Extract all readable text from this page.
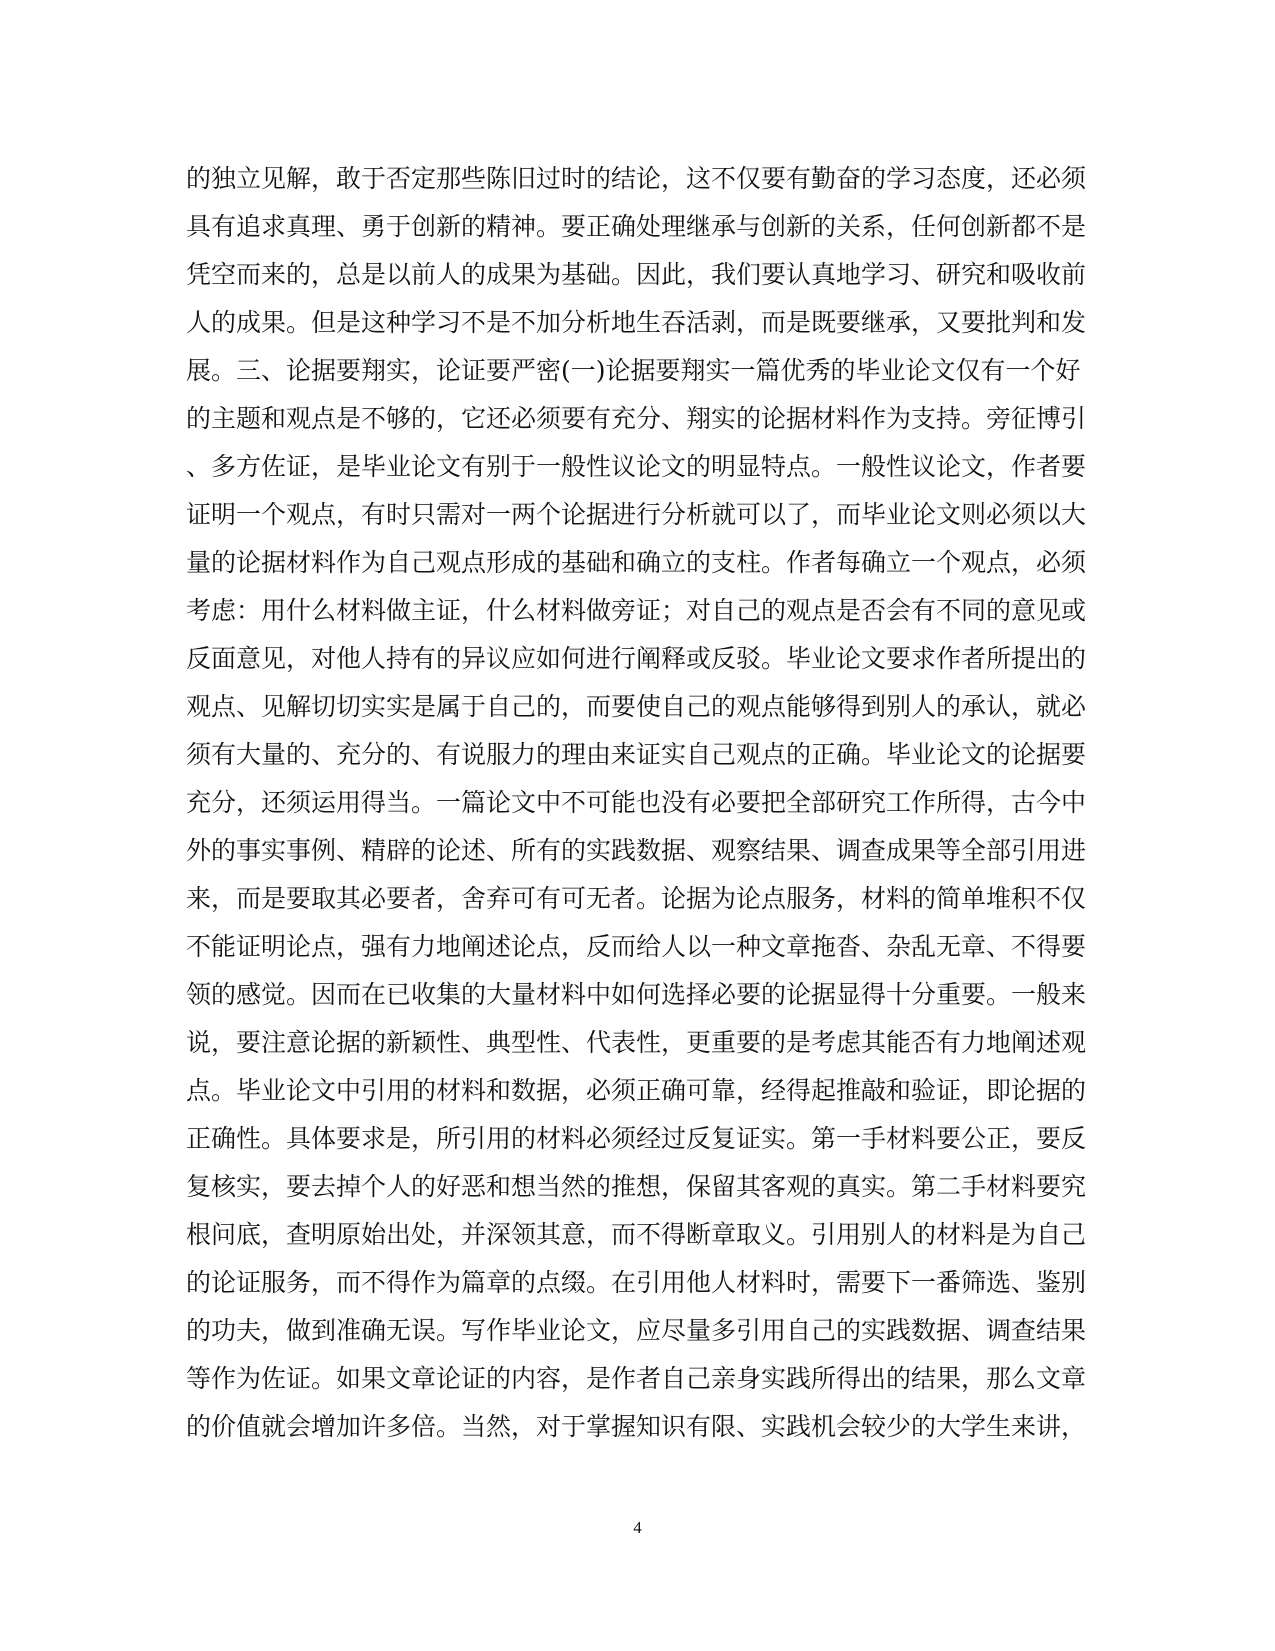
的独立见解，敢于否定那些陈旧过时的结论，这不仅要有勤奋的学习态度，还必须
具有追求真理、勇于创新的精神。要正确处理继承与创新的关系，任何创新都不是
凭空而来的，总是以前人的成果为基础。因此，我们要认真地学习、研究和吸收前
人的成果。但是这种学习不是不加分析地生吞活剥，而是既要继承，又要批判和发
展。三、论据要翔实，论证要严密(一)论据要翔实一篇优秀的毕业论文仅有一个好
的主题和观点是不够的，它还必须要有充分、翔实的论据材料作为支持。旁征博引
、多方佐证，是毕业论文有别于一般性议论文的明显特点。一般性议论文，作者要
证明一个观点，有时只需对一两个论据进行分析就可以了，而毕业论文则必须以大
量的论据材料作为自己观点形成的基础和确立的支柱。作者每确立一个观点，必须
考虑：用什么材料做主证，什么材料做旁证；对自己的观点是否会有不同的意见或
反面意见，对他人持有的异议应如何进行阐释或反驳。毕业论文要求作者所提出的
观点、见解切切实实是属于自己的，而要使自己的观点能够得到别人的承认，就必
须有大量的、充分的、有说服力的理由来证实自己观点的正确。毕业论文的论据要
充分，还须运用得当。一篇论文中不可能也没有必要把全部研究工作所得，古今中
外的事实事例、精辟的论述、所有的实践数据、观察结果、调查成果等全部引用进
来，而是要取其必要者，舍弃可有可无者。论据为论点服务，材料的简单堆积不仅
不能证明论点，强有力地阐述论点，反而给人以一种文章拖沓、杂乱无章、不得要
领的感觉。因而在已收集的大量材料中如何选择必要的论据显得十分重要。一般来
说，要注意论据的新颖性、典型性、代表性，更重要的是考虑其能否有力地阐述观
点。毕业论文中引用的材料和数据，必须正确可靠，经得起推敲和验证，即论据的
正确性。具体要求是，所引用的材料必须经过反复证实。第一手材料要公正，要反
复核实，要去掉个人的好恶和想当然的推想，保留其客观的真实。第二手材料要究
根问底，查明原始出处，并深领其意，而不得断章取义。引用别人的材料是为自己
的论证服务，而不得作为篇章的点缀。在引用他人材料时，需要下一番筛选、鉴别
的功夫，做到准确无误。写作毕业论文，应尽量多引用自己的实践数据、调查结果
等作为佐证。如果文章论证的内容，是作者自己亲身实践所得出的结果，那么文章
的价值就会增加许多倍。当然，对于掌握知识有限、实践机会较少的大学生来讲，
4
